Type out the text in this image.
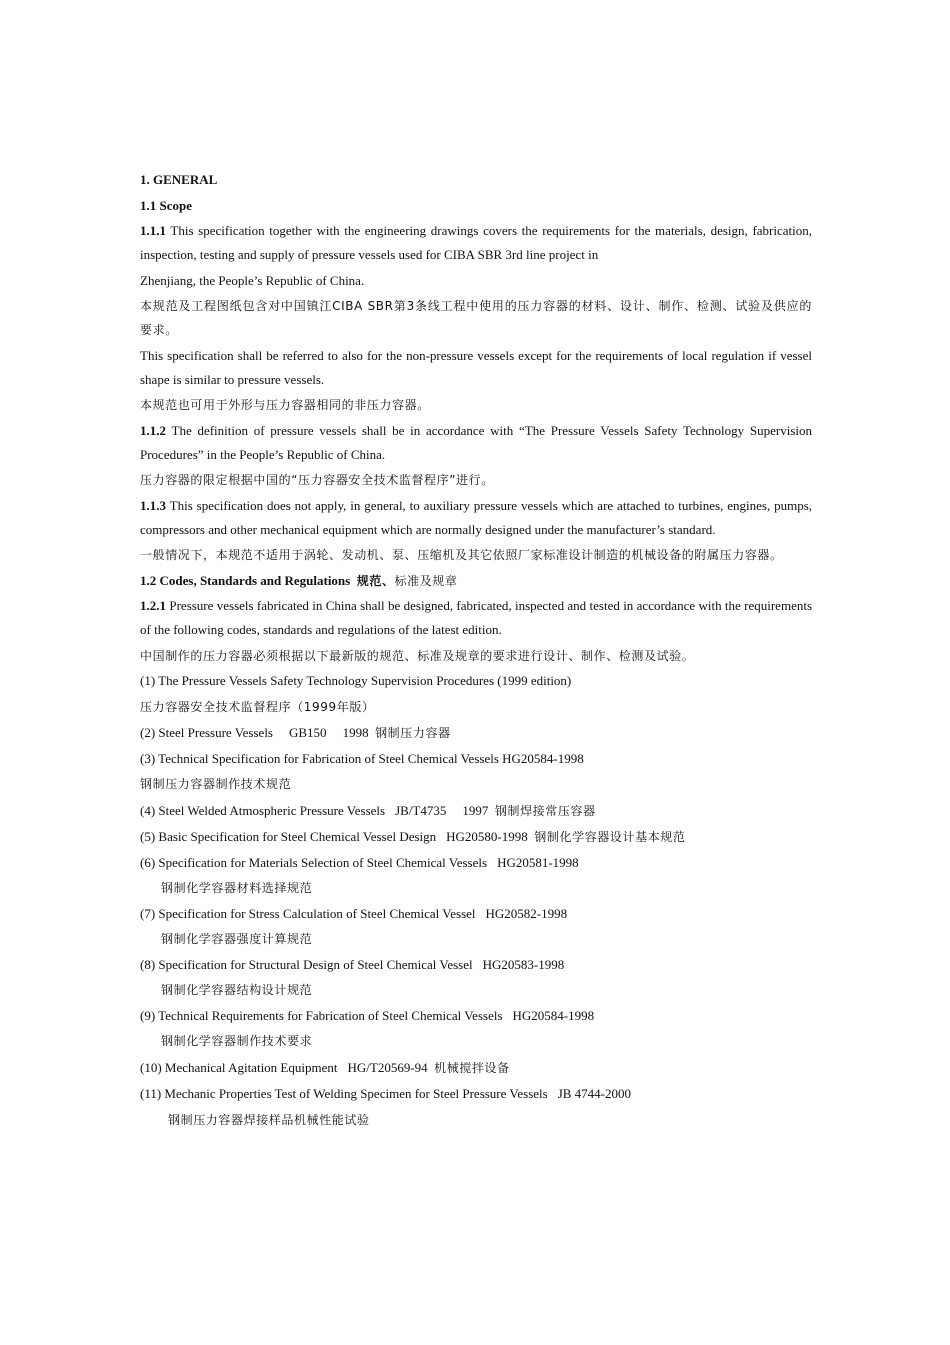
1. GENERAL

1.1 Scope

1.1.1 This specification together with the engineering drawings covers the requirements for the materials, design, fabrication, inspection, testing and supply of pressure vessels used for CIBA SBR 3rd line project in

Zhenjiang, the People’s Republic of China.

本规范及工程图纸包含对中国镇江CIBA SBR第3条线工程中使用的压力容器的材料、设计、制作、检测、试验及供应的要求。

This specification shall be referred to also for the non-pressure vessels except for the requirements of local regulation if vessel shape is similar to pressure vessels.

本规范也可用于外形与压力容器相同的非压力容器。

1.1.2 The definition of pressure vessels shall be in accordance with “The Pressure Vessels Safety Technology Supervision Procedures” in the People’s Republic of China.

压力容器的限定根据中国的“压力容器安全技术监督程序”进行。

1.1.3 This specification does not apply, in general, to auxiliary pressure vessels which are attached to turbines, engines, pumps, compressors and other mechanical equipment which are normally designed under the manufacturer’s standard.

一般情况下，本规范不适用于涡轮、发动机、泵、压缩机及其它依照厂家标准设计制造的机械设备的附属压力容器。

1.2 Codes, Standards and Regulations 规范、标准及规章

1.2.1 Pressure vessels fabricated in China shall be designed, fabricated, inspected and tested in accordance with the requirements of the following codes, standards and regulations of the latest edition.

中国制作的压力容器必须根据以下最新版的规范、标准及规章的要求进行设计、制作、检测及试验。

(1) The Pressure Vessels Safety Technology Supervision Procedures (1999 edition)

压力容器安全技术监督程序（1999年版）

(2) Steel Pressure Vessels GB150 1998 钢制压力容器

(3) Technical Specification for Fabrication of Steel Chemical Vessels HG20584-1998

钢制压力容器制作技术规范

(4) Steel Welded Atmospheric Pressure Vessels JB/T4735 1997 钢制焊接常压容器

(5) Basic Specification for Steel Chemical Vessel Design HG20580-1998 钢制化学容器设计基本规范

(6) Specification for Materials Selection of Steel Chemical Vessels HG20581-1998

钢制化学容器材料选择规范

(7) Specification for Stress Calculation of Steel Chemical Vessel HG20582-1998

钢制化学容器强度计算规范

(8) Specification for Structural Design of Steel Chemical Vessel HG20583-1998

钢制化学容器结构设计规范

(9) Technical Requirements for Fabrication of Steel Chemical Vessels HG20584-1998

钢制化学容器制作技术要求

(10) Mechanical Agitation Equipment HG/T20569-94 机械搅拌设备

(11) Mechanic Properties Test of Welding Specimen for Steel Pressure Vessels JB 4744-2000

钢制压力容器焊接样品机械性能试验
